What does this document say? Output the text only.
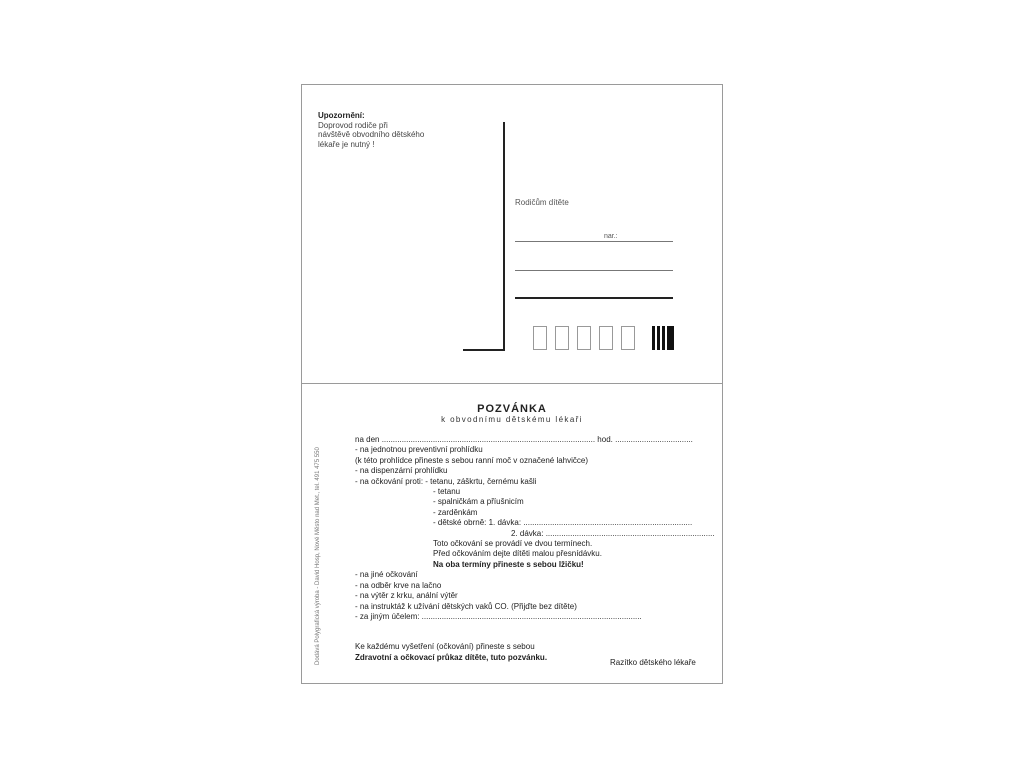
Upozornění:
Doprovod rodiče při
návštěvě obvodního dětského
lékaře je nutný !
Rodičům dítěte
nar.:
POZVÁNKA
k obvodnímu dětskému lékaři
na den ................................................................................................ hod. ...................................
- na jednotnou preventivní prohlídku
(k této prohlídce přineste s sebou ranní moč v označené lahvičce)
- na dispenzární prohlídku
- na očkování proti: - tetanu, záškrtu, černému kašli
- tetanu
- spalničkám a příušnicím
- zarděnkám
- dětské obrně: 1. dávka: ............................................................................
2. dávka: ............................................................................
Toto očkování se provádí ve dvou termínech.
Před očkováním dejte dítěti malou přesnídávku.
Na oba termíny přineste s sebou lžičku!
- na jiné očkování
- na odběr krve na lačno
- na výtěr z krku, anální výtěr
- na instruktáž k užívání dětských vaků CO. (Přijďte bez dítěte)
- za jiným účelem: ...................................................................................................
Ke každému vyšetření (očkování) přineste s sebou
Zdravotní a očkovací průkaz dítěte, tuto pozvánku.
Razítko dětského lékaře
Dodává Polygrafická výroba - David Hosp, Nové Město nad Met., tel. 491 475 550
